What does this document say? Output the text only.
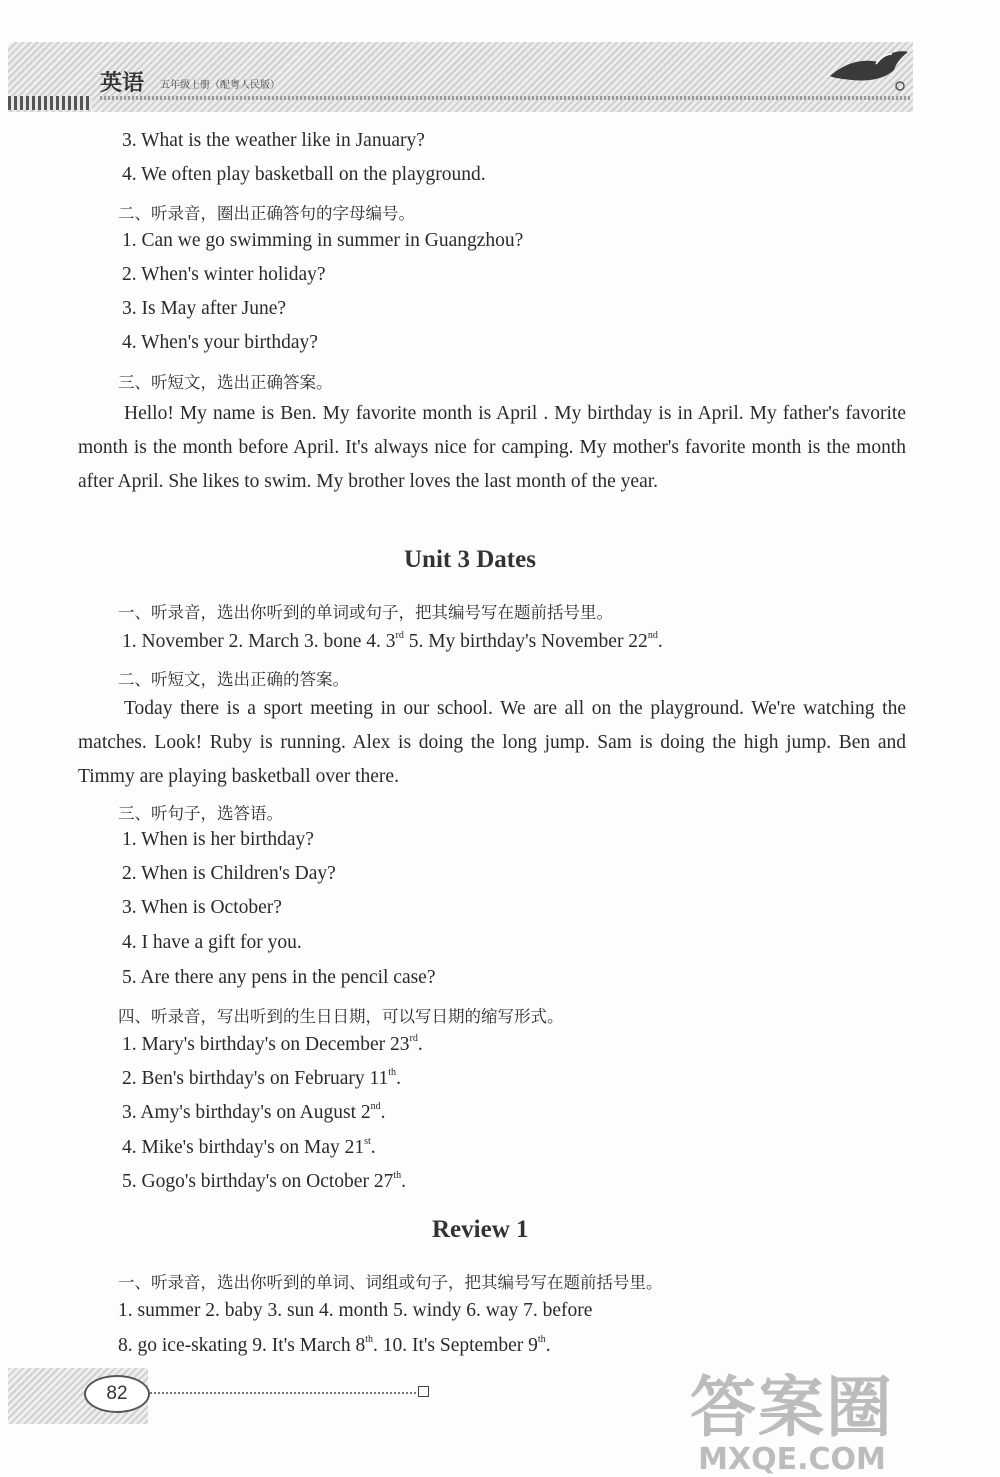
英语 五年级上册（配粤人民版）
3. What is the weather like in January?
4. We often play basketball on the playground.
二、听录音，圈出正确答句的字母编号。
1. Can we go swimming in summer in Guangzhou?
2. When's winter holiday?
3. Is May after June?
4. When's your birthday?
三、听短文，选出正确答案。
Hello! My name is Ben. My favorite month is April . My birthday is in April. My father's favorite month is the month before April. It's always nice for camping. My mother's favorite month is the month after April. She likes to swim. My brother loves the last month of the year.
Unit 3 Dates
一、听录音，选出你听到的单词或句子，把其编号写在题前括号里。
1. November 2. March 3. bone 4. 3rd 5. My birthday's November 22nd.
二、听短文，选出正确的答案。
Today there is a sport meeting in our school. We are all on the playground. We're watching the matches. Look! Ruby is running. Alex is doing the long jump. Sam is doing the high jump. Ben and Timmy are playing basketball over there.
三、听句子，选答语。
1. When is her birthday?
2. When is Children's Day?
3. When is October?
4. I have a gift for you.
5. Are there any pens in the pencil case?
四、听录音，写出听到的生日日期，可以写日期的缩写形式。
1. Mary's birthday's on December 23rd.
2. Ben's birthday's on February 11th.
3. Amy's birthday's on August 2nd.
4. Mike's birthday's on May 21st.
5. Gogo's birthday's on October 27th.
Review 1
一、听录音，选出你听到的单词、词组或句子，把其编号写在题前括号里。
1. summer 2. baby 3. sun 4. month 5. windy 6. way 7. before
8. go ice-skating 9. It's March 8th. 10. It's September 9th.
82	答案圈
MXQE.COM
